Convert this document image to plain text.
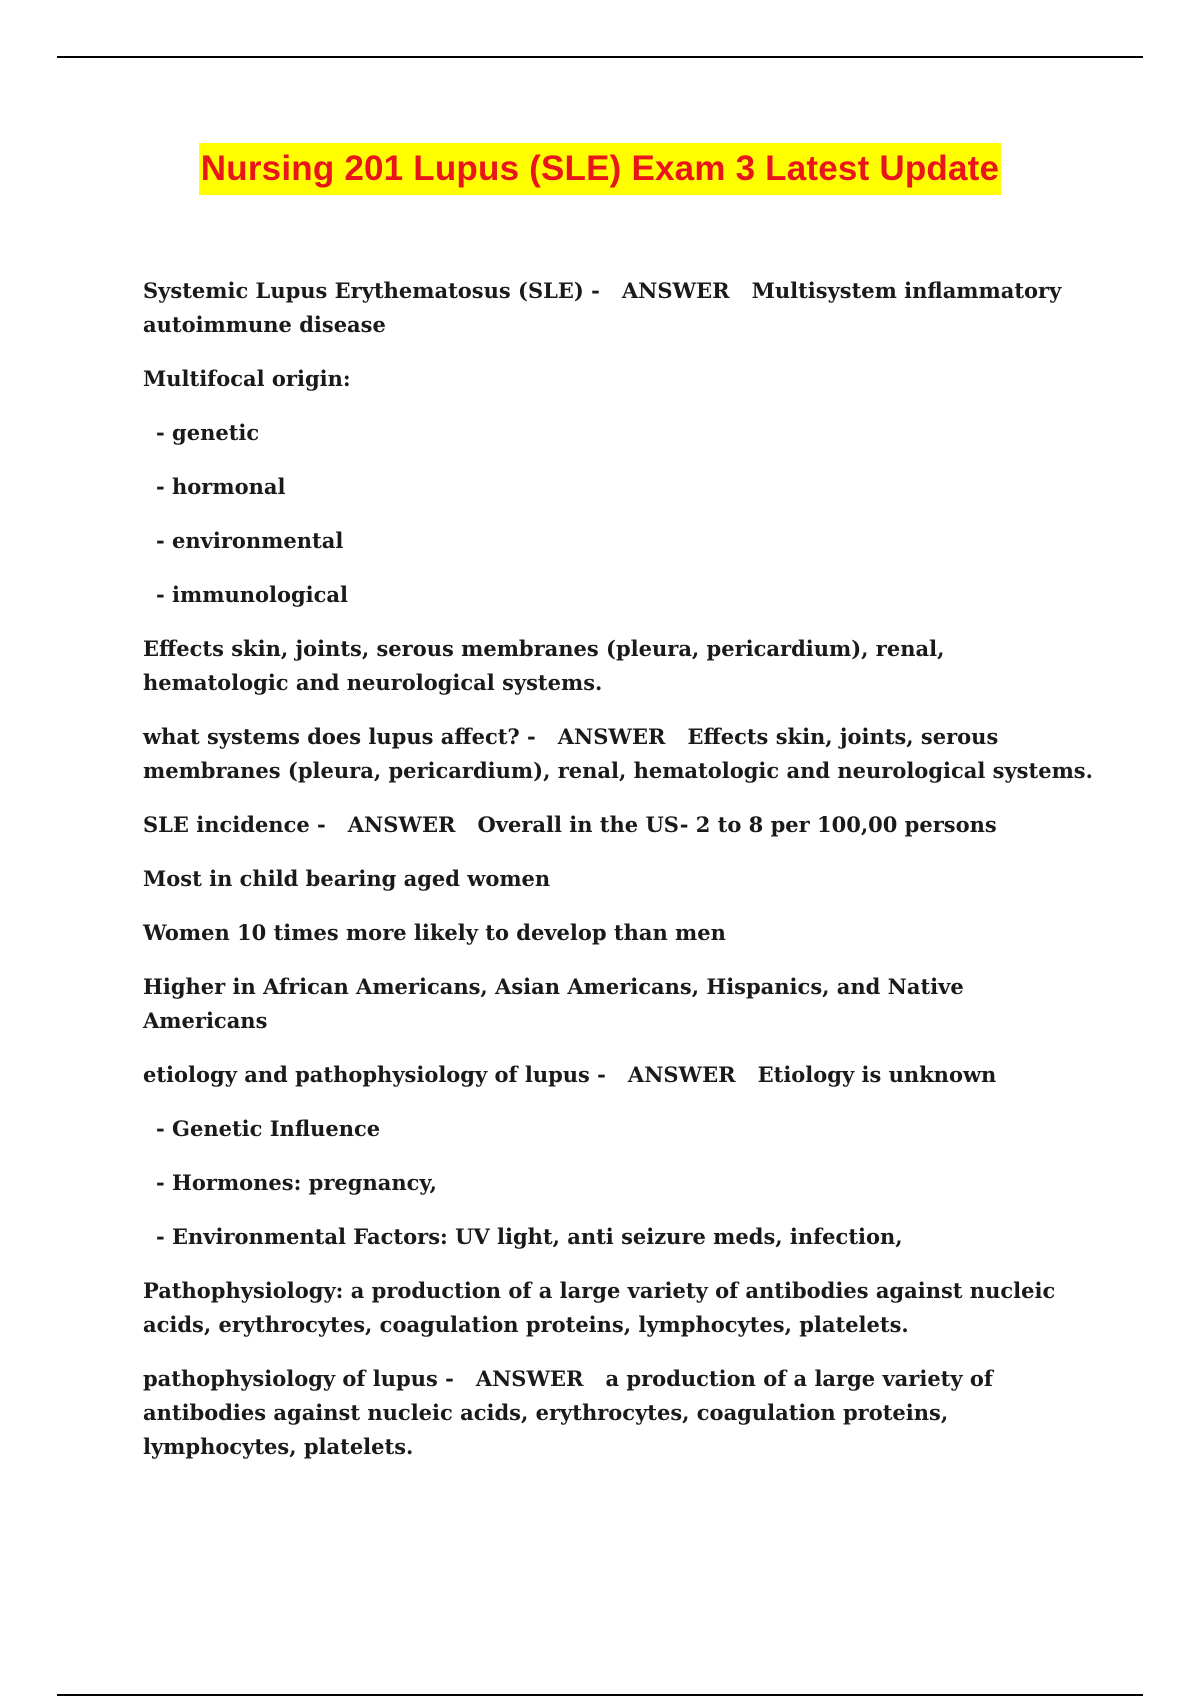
Nursing 201 Lupus (SLE) Exam 3 Latest Update
Systemic Lupus Erythematosus (SLE) - ANSWER Multisystem inflammatory autoimmune disease
Multifocal origin:
- genetic
- hormonal
- environmental
- immunological
Effects skin, joints, serous membranes (pleura, pericardium), renal, hematologic and neurological systems.
what systems does lupus affect? - ANSWER Effects skin, joints, serous membranes (pleura, pericardium), renal, hematologic and neurological systems.
SLE incidence - ANSWER Overall in the US- 2 to 8 per 100,00 persons
Most in child bearing aged women
Women 10 times more likely to develop than men
Higher in African Americans, Asian Americans, Hispanics, and Native Americans
etiology and pathophysiology of lupus - ANSWER Etiology is unknown
- Genetic Influence
- Hormones: pregnancy,
- Environmental Factors: UV light, anti seizure meds, infection,
Pathophysiology: a production of a large variety of antibodies against nucleic acids, erythrocytes, coagulation proteins, lymphocytes, platelets.
pathophysiology of lupus - ANSWER a production of a large variety of antibodies against nucleic acids, erythrocytes, coagulation proteins, lymphocytes, platelets.
